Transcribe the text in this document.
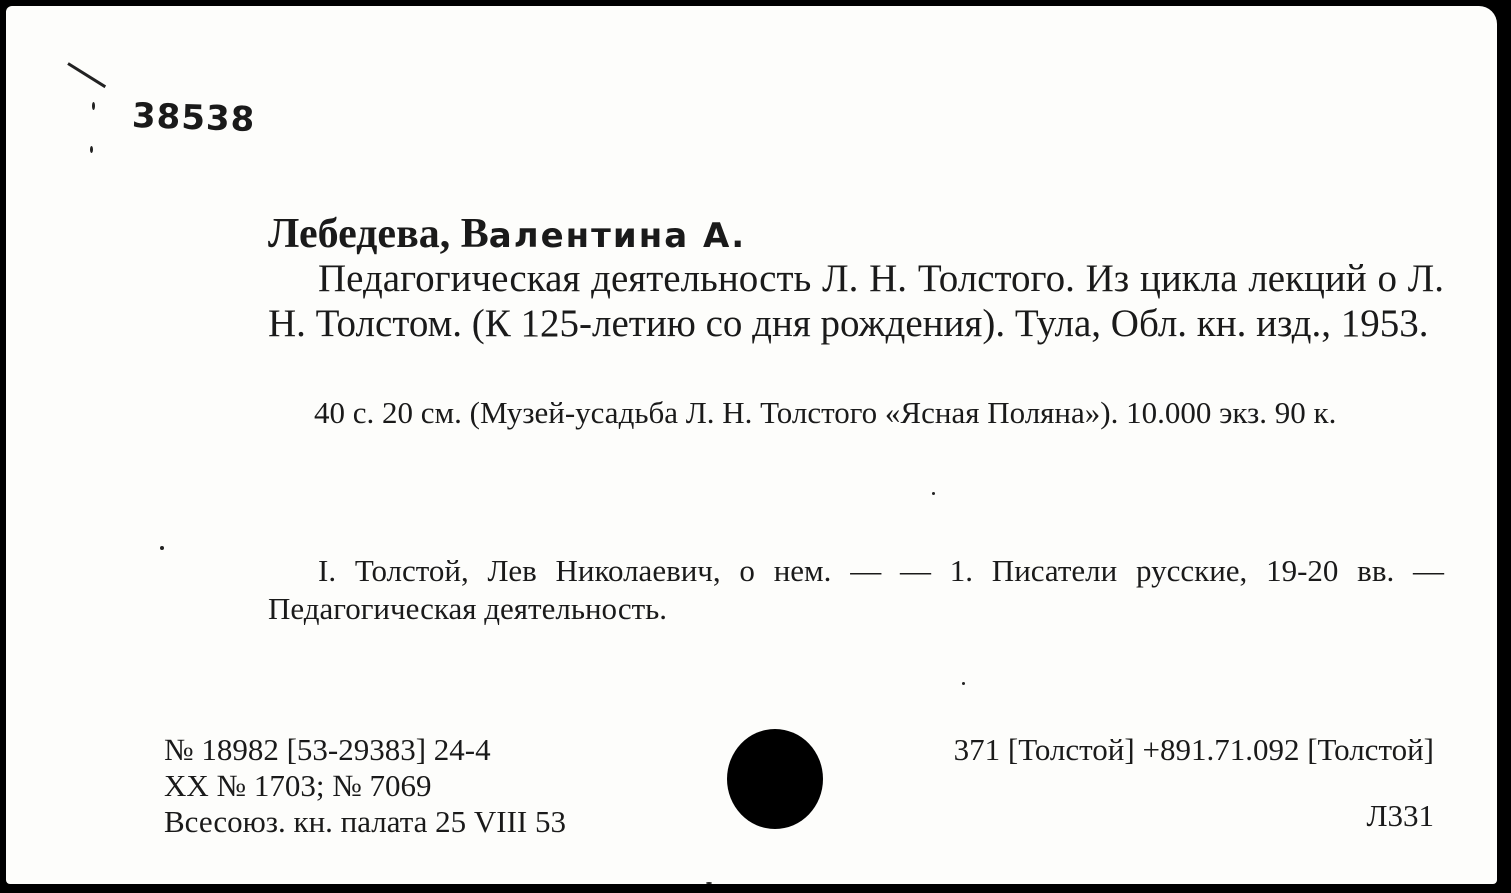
38538
Лебедева, Валентина А.
Педагогическая деятельность Л. Н. Толстого. Из цикла лекций о Л. Н. Толстом. (К 125-летию со дня рождения). Тула, Обл. кн. изд., 1953.
40 с. 20 см. (Музей-усадьба Л. Н. Толстого «Ясная Поляна»). 10.000 экз. 90 к.
I. Толстой, Лев Николаевич, о нем. — — 1. Писатели русские, 19-20 вв. — Педагогическая деятельность.
№ 18982 [53-29383] 24-4
XX № 1703; № 7069
Всесоюз. кн. палата 25 VIII 53
371 [Толстой] +891.71.092 [Толстой]
Л331
